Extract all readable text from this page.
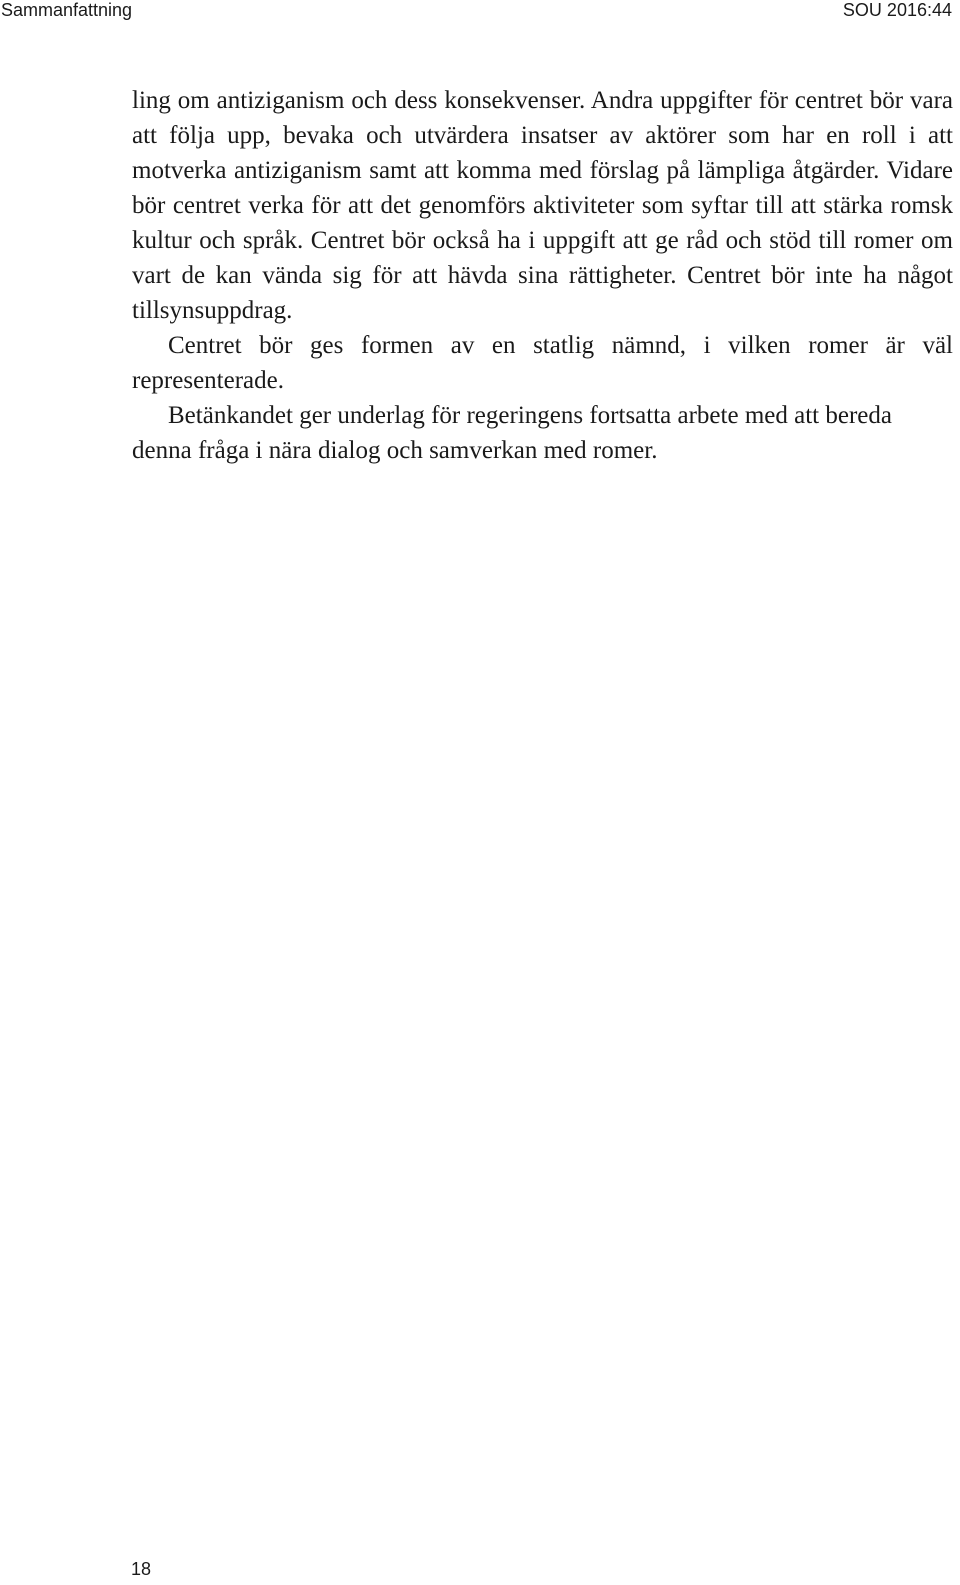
Sammanfattning	SOU 2016:44

ling om antiziganism och dess konsekvenser. Andra uppgifter för centret bör vara att följa upp, bevaka och utvärdera insatser av aktörer som har en roll i att motverka antiziganism samt att komma med förslag på lämpliga åtgärder. Vidare bör centret verka för att det genomförs aktiviteter som syftar till att stärka romsk kultur och språk. Centret bör också ha i uppgift att ge råd och stöd till romer om vart de kan vända sig för att hävda sina rättigheter. Centret bör inte ha något tillsynsuppdrag.

Centret bör ges formen av en statlig nämnd, i vilken romer är väl representerade.

Betänkandet ger underlag för regeringens fortsatta arbete med att bereda denna fråga i nära dialog och samverkan med romer.

18
